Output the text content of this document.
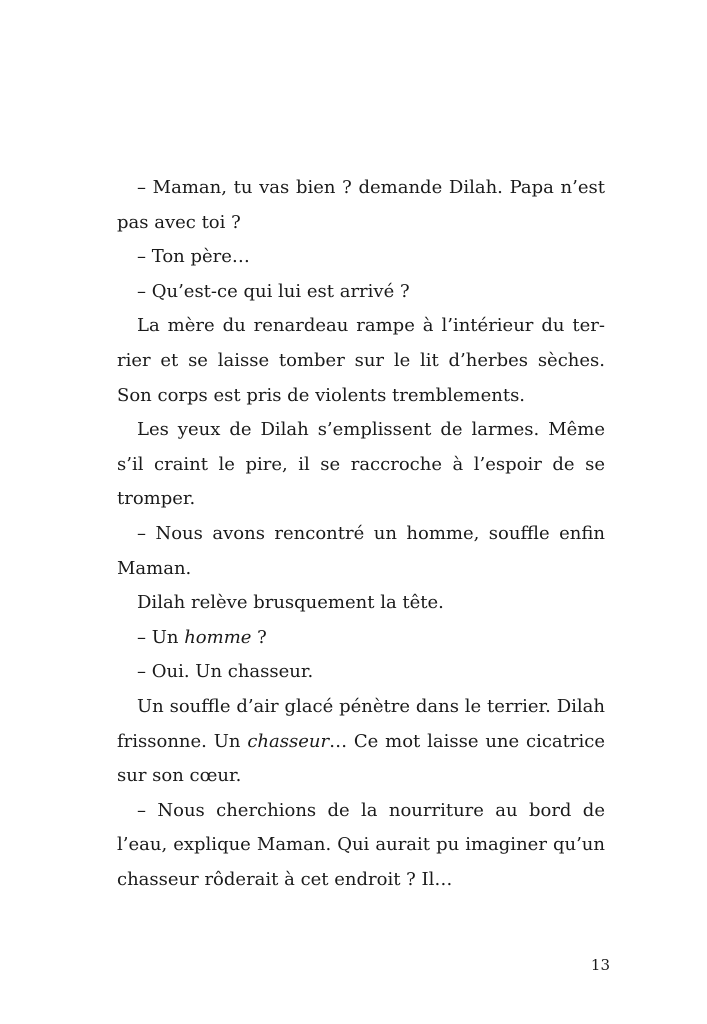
– Maman, tu vas bien ? demande Dilah. Papa n’est pas avec toi ?

– Ton père…

– Qu’est-ce qui lui est arrivé ?

La mère du renardeau rampe à l’intérieur du ter-rier et se laisse tomber sur le lit d’herbes sèches. Son corps est pris de violents tremblements.

Les yeux de Dilah s’emplissent de larmes. Même s’il craint le pire, il se raccroche à l’espoir de se tromper.

– Nous avons rencontré un homme, souffle enfin Maman.

Dilah relève brusquement la tête.

– Un homme ?

– Oui. Un chasseur.

Un souffle d’air glacé pénètre dans le terrier. Dilah frissonne. Un chasseur… Ce mot laisse une cicatrice sur son cœur.

– Nous cherchions de la nourriture au bord de l’eau, explique Maman. Qui aurait pu imaginer qu’un chasseur rôderait à cet endroit ? Il…

13
